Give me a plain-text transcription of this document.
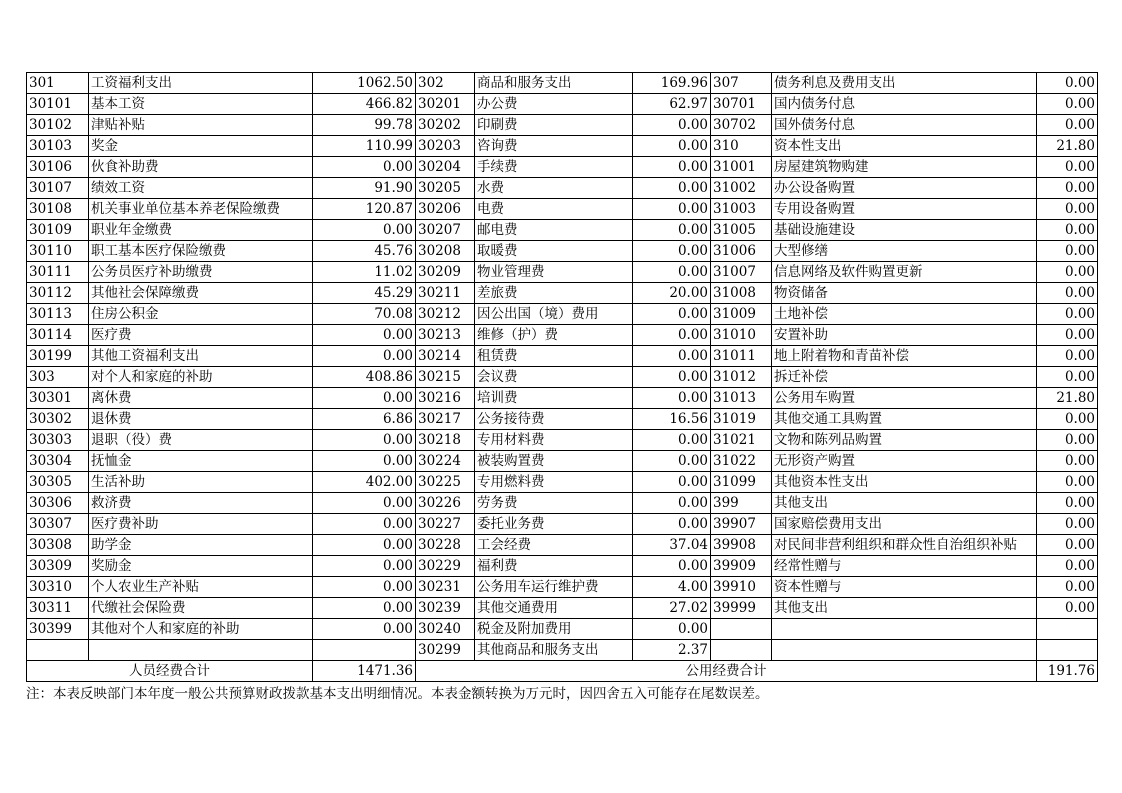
301	工资福利支出	1062.50	302	商品和服务支出	169.96	307	债务利息及费用支出	0.00
30101	基本工资	466.82	30201	办公费	62.97	30701	国内债务付息	0.00
30102	津贴补贴	99.78	30202	印刷费	0.00	30702	国外债务付息	0.00
30103	奖金	110.99	30203	咨询费	0.00	310	资本性支出	21.80
30106	伙食补助费	0.00	30204	手续费	0.00	31001	房屋建筑物购建	0.00
30107	绩效工资	91.90	30205	水费	0.00	31002	办公设备购置	0.00
30108	机关事业单位基本养老保险缴费	120.87	30206	电费	0.00	31003	专用设备购置	0.00
30109	职业年金缴费	0.00	30207	邮电费	0.00	31005	基础设施建设	0.00
30110	职工基本医疗保险缴费	45.76	30208	取暖费	0.00	31006	大型修缮	0.00
30111	公务员医疗补助缴费	11.02	30209	物业管理费	0.00	31007	信息网络及软件购置更新	0.00
30112	其他社会保障缴费	45.29	30211	差旅费	20.00	31008	物资储备	0.00
30113	住房公积金	70.08	30212	因公出国（境）费用	0.00	31009	土地补偿	0.00
30114	医疗费	0.00	30213	维修（护）费	0.00	31010	安置补助	0.00
30199	其他工资福利支出	0.00	30214	租赁费	0.00	31011	地上附着物和青苗补偿	0.00
303	对个人和家庭的补助	408.86	30215	会议费	0.00	31012	拆迁补偿	0.00
30301	离休费	0.00	30216	培训费	0.00	31013	公务用车购置	21.80
30302	退休费	6.86	30217	公务接待费	16.56	31019	其他交通工具购置	0.00
30303	退职（役）费	0.00	30218	专用材料费	0.00	31021	文物和陈列品购置	0.00
30304	抚恤金	0.00	30224	被装购置费	0.00	31022	无形资产购置	0.00
30305	生活补助	402.00	30225	专用燃料费	0.00	31099	其他资本性支出	0.00
30306	救济费	0.00	30226	劳务费	0.00	399	其他支出	0.00
30307	医疗费补助	0.00	30227	委托业务费	0.00	39907	国家赔偿费用支出	0.00
30308	助学金	0.00	30228	工会经费	37.04	39908	对民间非营利组织和群众性自治组织补贴	0.00
30309	奖励金	0.00	30229	福利费	0.00	39909	经常性赠与	0.00
30310	个人农业生产补贴	0.00	30231	公务用车运行维护费	4.00	39910	资本性赠与	0.00
30311	代缴社会保险费	0.00	30239	其他交通费用	27.02	39999	其他支出	0.00
30399	其他对个人和家庭的补助	0.00	30240	税金及附加费用	0.00			
			30299	其他商品和服务支出	2.37			
人员经费合计		1471.36	公用经费合计					191.76
注：本表反映部门本年度一般公共预算财政拨款基本支出明细情况。本表金额转换为万元时，因四舍五入可能存在尾数误差。
